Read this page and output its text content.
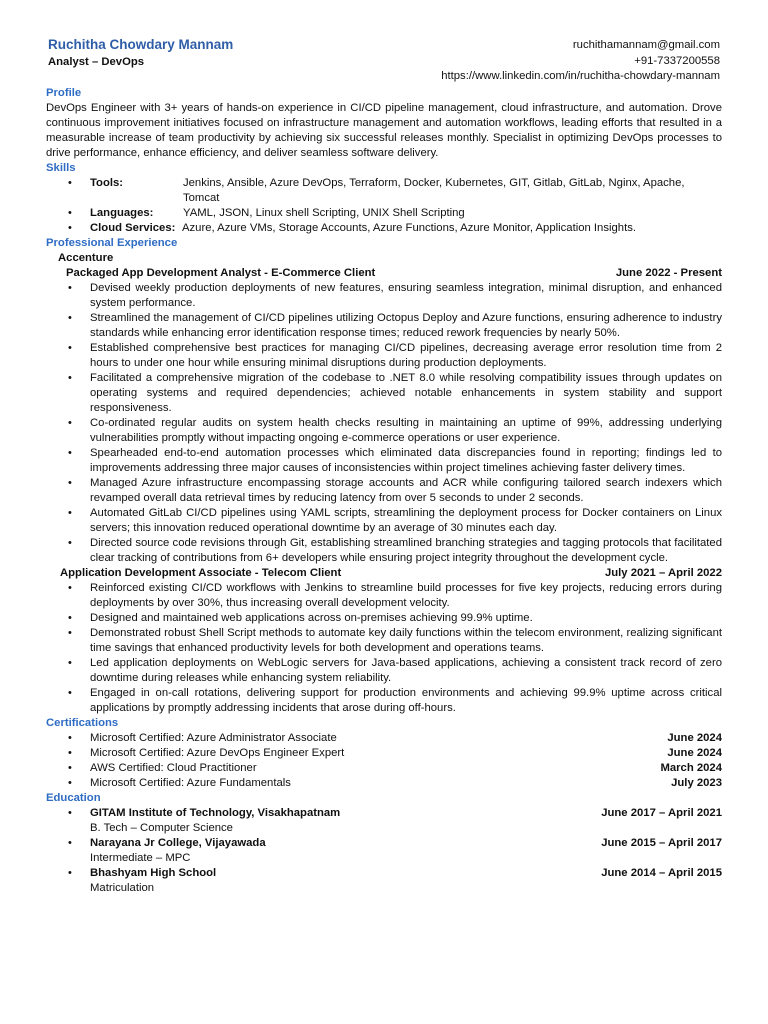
Ruchitha Chowdary Mannam
Analyst – DevOps
ruchithamannam@gmail.com
+91-7337200558
https://www.linkedin.com/in/ruchitha-chowdary-mannam
Profile
DevOps Engineer with 3+ years of hands-on experience in CI/CD pipeline management, cloud infrastructure, and automation. Drove continuous improvement initiatives focused on infrastructure management and automation workflows, leading efforts that resulted in a measurable increase of team productivity by achieving six successful releases monthly. Specialist in optimizing DevOps processes to drive performance, enhance efficiency, and deliver seamless software delivery.
Skills
• Tools:	Jenkins, Ansible, Azure DevOps, Terraform, Docker, Kubernetes, GIT, Gitlab, GitLab, Nginx, Apache, Tomcat
• Languages:	YAML, JSON, Linux shell Scripting, UNIX Shell Scripting
• Cloud Services: Azure, Azure VMs, Storage Accounts, Azure Functions, Azure Monitor, Application Insights.
Professional Experience
Accenture
Packaged App Development Analyst - E-Commerce Client	June 2022 - Present
• Devised weekly production deployments of new features, ensuring seamless integration, minimal disruption, and enhanced system performance.
• Streamlined the management of CI/CD pipelines utilizing Octopus Deploy and Azure functions, ensuring adherence to industry standards while enhancing error identification response times; reduced rework frequencies by nearly 50%.
• Established comprehensive best practices for managing CI/CD pipelines, decreasing average error resolution time from 2 hours to under one hour while ensuring minimal disruptions during production deployments.
• Facilitated a comprehensive migration of the codebase to .NET 8.0 while resolving compatibility issues through updates on operating systems and required dependencies; achieved notable enhancements in system stability and support responsiveness.
• Co-ordinated regular audits on system health checks resulting in maintaining an uptime of 99%, addressing underlying vulnerabilities promptly without impacting ongoing e-commerce operations or user experience.
• Spearheaded end-to-end automation processes which eliminated data discrepancies found in reporting; findings led to improvements addressing three major causes of inconsistencies within project timelines achieving faster delivery times.
• Managed Azure infrastructure encompassing storage accounts and ACR while configuring tailored search indexers which revamped overall data retrieval times by reducing latency from over 5 seconds to under 2 seconds.
• Automated GitLab CI/CD pipelines using YAML scripts, streamlining the deployment process for Docker containers on Linux servers; this innovation reduced operational downtime by an average of 30 minutes each day.
• Directed source code revisions through Git, establishing streamlined branching strategies and tagging protocols that facilitated clear tracking of contributions from 6+ developers while ensuring project integrity throughout the development cycle.
Application Development Associate - Telecom Client	July 2021 – April 2022
• Reinforced existing CI/CD workflows with Jenkins to streamline build processes for five key projects, reducing errors during deployments by over 30%, thus increasing overall development velocity.
• Designed and maintained web applications across on-premises achieving 99.9% uptime.
• Demonstrated robust Shell Script methods to automate key daily functions within the telecom environment, realizing significant time savings that enhanced productivity levels for both development and operations teams.
• Led application deployments on WebLogic servers for Java-based applications, achieving a consistent track record of zero downtime during releases while enhancing system reliability.
• Engaged in on-call rotations, delivering support for production environments and achieving 99.9% uptime across critical applications by promptly addressing incidents that arose during off-hours.
Certifications
• Microsoft Certified: Azure Administrator Associate	June 2024
• Microsoft Certified: Azure DevOps Engineer Expert	June 2024
• AWS Certified: Cloud Practitioner	March 2024
• Microsoft Certified: Azure Fundamentals	July 2023
Education
• GITAM Institute of Technology, Visakhapatnam	June 2017 – April 2021
B. Tech – Computer Science
• Narayana Jr College, Vijayawada	June 2015 – April 2017
Intermediate – MPC
• Bhashyam High School	June 2014 – April 2015
Matriculation
